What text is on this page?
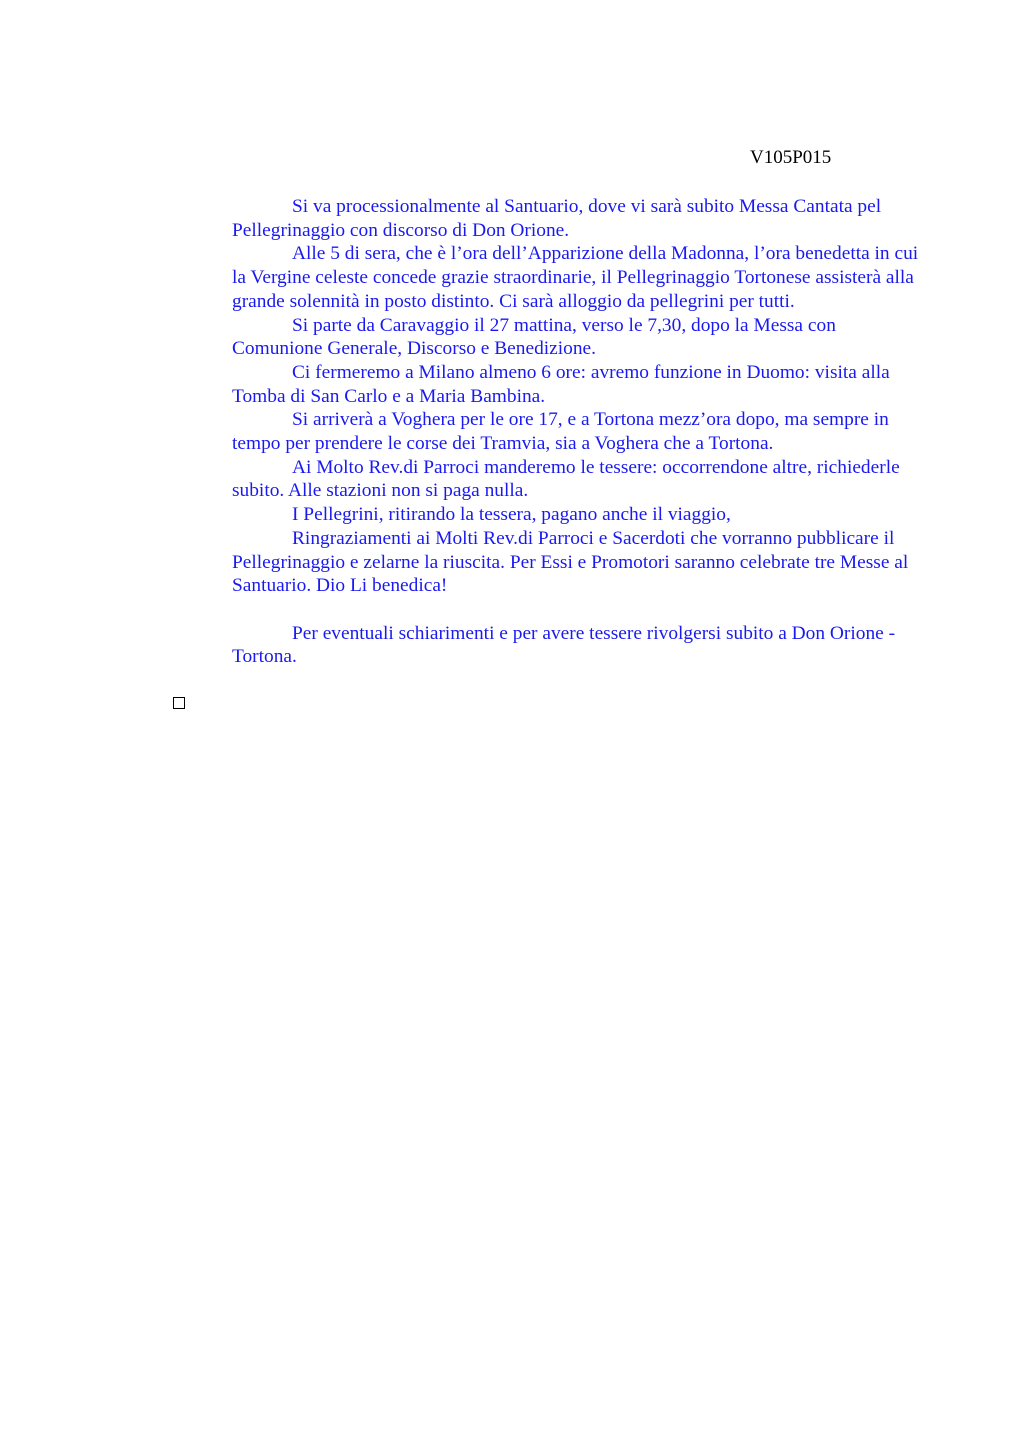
V105P015

Si va processionalmente al Santuario, dove vi sarà subito Messa Cantata pel Pellegrinaggio con discorso di Don Orione.

Alle 5 di sera, che è l’ora dell’Apparizione della Madonna, l’ora benedetta in cui la Vergine celeste concede grazie straordinarie, il Pellegrinaggio Tortonese assisterà alla grande solennità in posto distinto. Ci sarà alloggio da pellegrini per tutti.

Si parte da Caravaggio il 27 mattina, verso le 7,30, dopo la Messa con Comunione Generale, Discorso e Benedizione.

Ci fermeremo a Milano almeno 6 ore: avremo funzione in Duomo: visita alla Tomba di San Carlo e a Maria Bambina.

Si arriverà a Voghera per le ore 17, e a Tortona mezz’ora dopo, ma sempre in tempo per prendere le corse dei Tramvia, sia a Voghera che a Tortona.

Ai Molto Rev.di Parroci manderemo le tessere: occorrendone altre, richiederle subito. Alle stazioni non si paga nulla.

I Pellegrini, ritirando la tessera, pagano anche il viaggio,

Ringraziamenti ai Molti Rev.di Parroci e Sacerdoti che vorranno pubblicare il Pellegrinaggio e zelarne la riuscita. Per Essi e Promotori saranno celebrate tre Messe al Santuario. Dio Li benedica!

Per eventuali schiarimenti e per avere tessere rivolgersi subito a Don Orione - Tortona.
